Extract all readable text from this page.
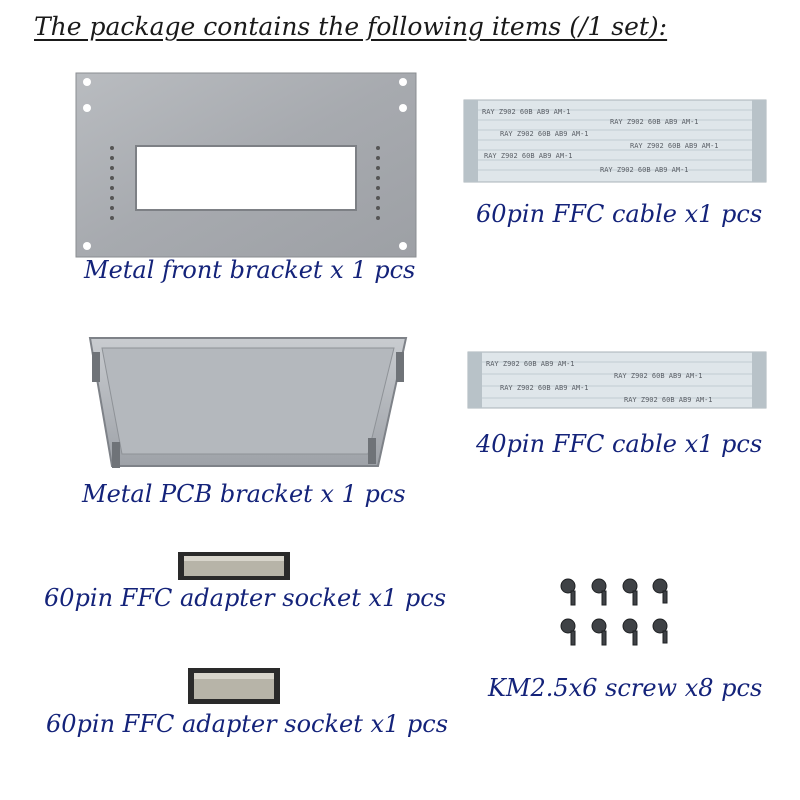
The package contains the following items (/1 set):
Metal front bracket x 1 pcs
RAY Z902 60B AB9 AM-1
RAY Z902 60B AB9 AM-1
RAY Z902 60B AB9 AM-1
RAY Z902 60B AB9 AM-1
RAY Z902 60B AB9 AM-1
RAY Z902 60B AB9 AM-1
60pin FFC cable x1 pcs
Metal PCB bracket x 1 pcs
RAY Z902 60B AB9 AM-1
RAY Z902 60B AB9 AM-1
RAY Z902 60B AB9 AM-1
RAY Z902 60B AB9 AM-1
40pin FFC cable x1 pcs
60pin FFC adapter socket x1 pcs
KM2.5x6 screw x8 pcs
60pin FFC adapter socket x1 pcs
